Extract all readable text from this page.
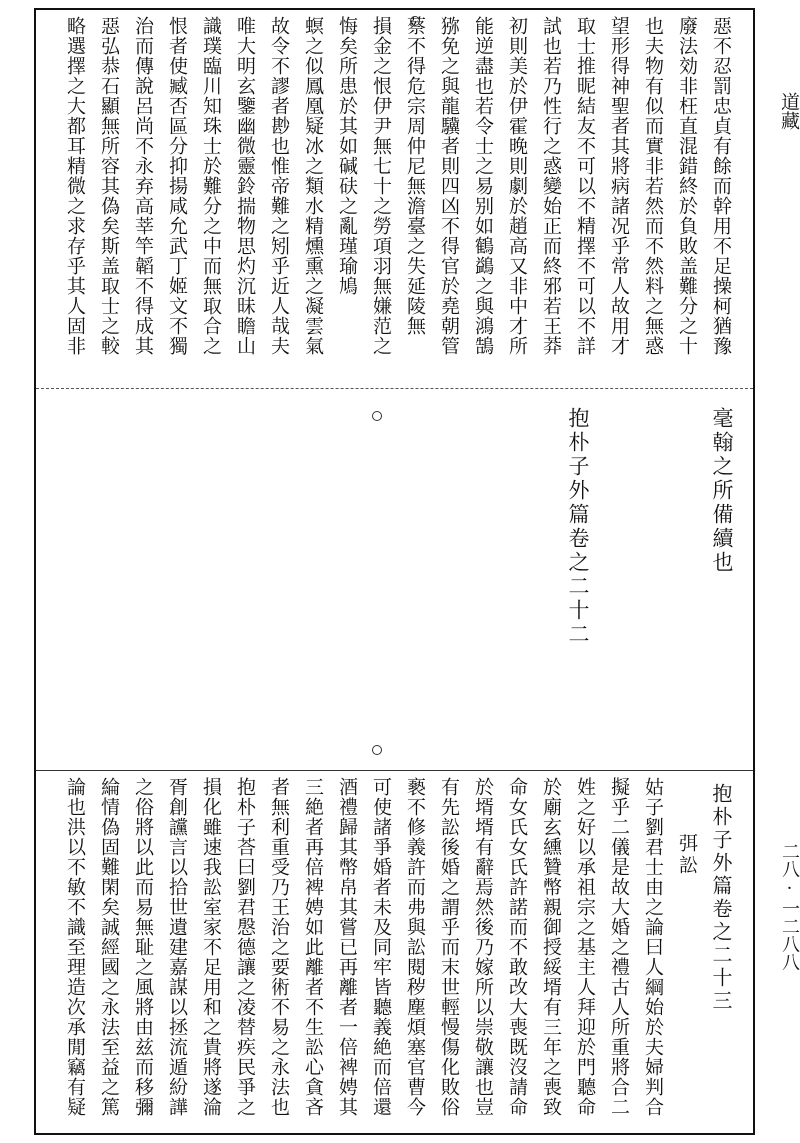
惡不忍罰忠貞有餘而幹用不足操柯猶豫
廢法効非枉直混錯終於負敗盖難分之十
也夫物有似而實非若然而不然料之無惑
望形得神聖者其將病諸况乎常人故用才
取士推昵結友不可以不精擇不可以不詳
試也若乃性行之惑變始正而終邪若王莽
初則美於伊霍晚則劇於趙高又非中才所
能逆盡也若令士之易别如鶴鷁之與鴻鵠
猕免之與龍驥者則四凶不得官於堯朝管
蔡不得危宗周仲尼無澹臺之失延陵無
損金之恨伊尹無七十之勞項羽無嫌范之
悔矣所患於其如碱砆之亂瑾瑜鳩
螟之似鳳凰疑冰之類水精燻熏之凝雲氣
故令不謬者尠也惟帝難之矧乎近人哉夫
唯大明玄鑒幽微靈鈴揣物思灼沉昧瞻山
識璞臨川知珠士於難分之中而無取合之
恨者使臧否區分抑揚咸允武丁姬文不獨
治而傳說呂尚不永弃高莘竿韜不得成其
惡弘恭石顯無所容其偽矣斯盖取士之較
略選擇之大都耳精微之求存乎其人固非
毫翰之所備續也
抱朴子外篇卷之二十二
抱朴子外篇卷之二十三
弭訟
姑子劉君士由之論曰人綱始於夫婦判合
擬乎二儀是故大婚之禮古人所重將合二
姓之好以承祖宗之基主人拜迎於門聽命
於廟玄纁贊幣親御授綏壻有三年之喪致
命女氏女氏許諾而不敢改大喪既沒請命
於壻壻有辭焉然後乃嫁所以崇敬讓也豈
有先訟後婚之謂乎而末世輕慢傷化敗俗
褻不修義許而弗與訟閱秽塵煩塞官曹今
可使諸爭婚者未及同牢皆聽義絶而倍還
酒禮歸其幣帛其嘗已再離者一倍裨娉其
三絶者再倍裨娉如此離者不生訟心貪吝
者無利重受乃王治之要術不易之永法也
抱朴子荅曰劉君慇德讓之凌替疾民爭之
損化雖速我訟室家不足用和之貴將遂淪
胥創讜言以拾世遺建嘉謀以拯流遁紛譁
之俗將以此而易無耻之風將由兹而移彌
綸情偽固難閑矣誠經國之永法至益之篤
論也洪以不敏不識至理造次承閒竊有疑
道藏
二八·一二八八
